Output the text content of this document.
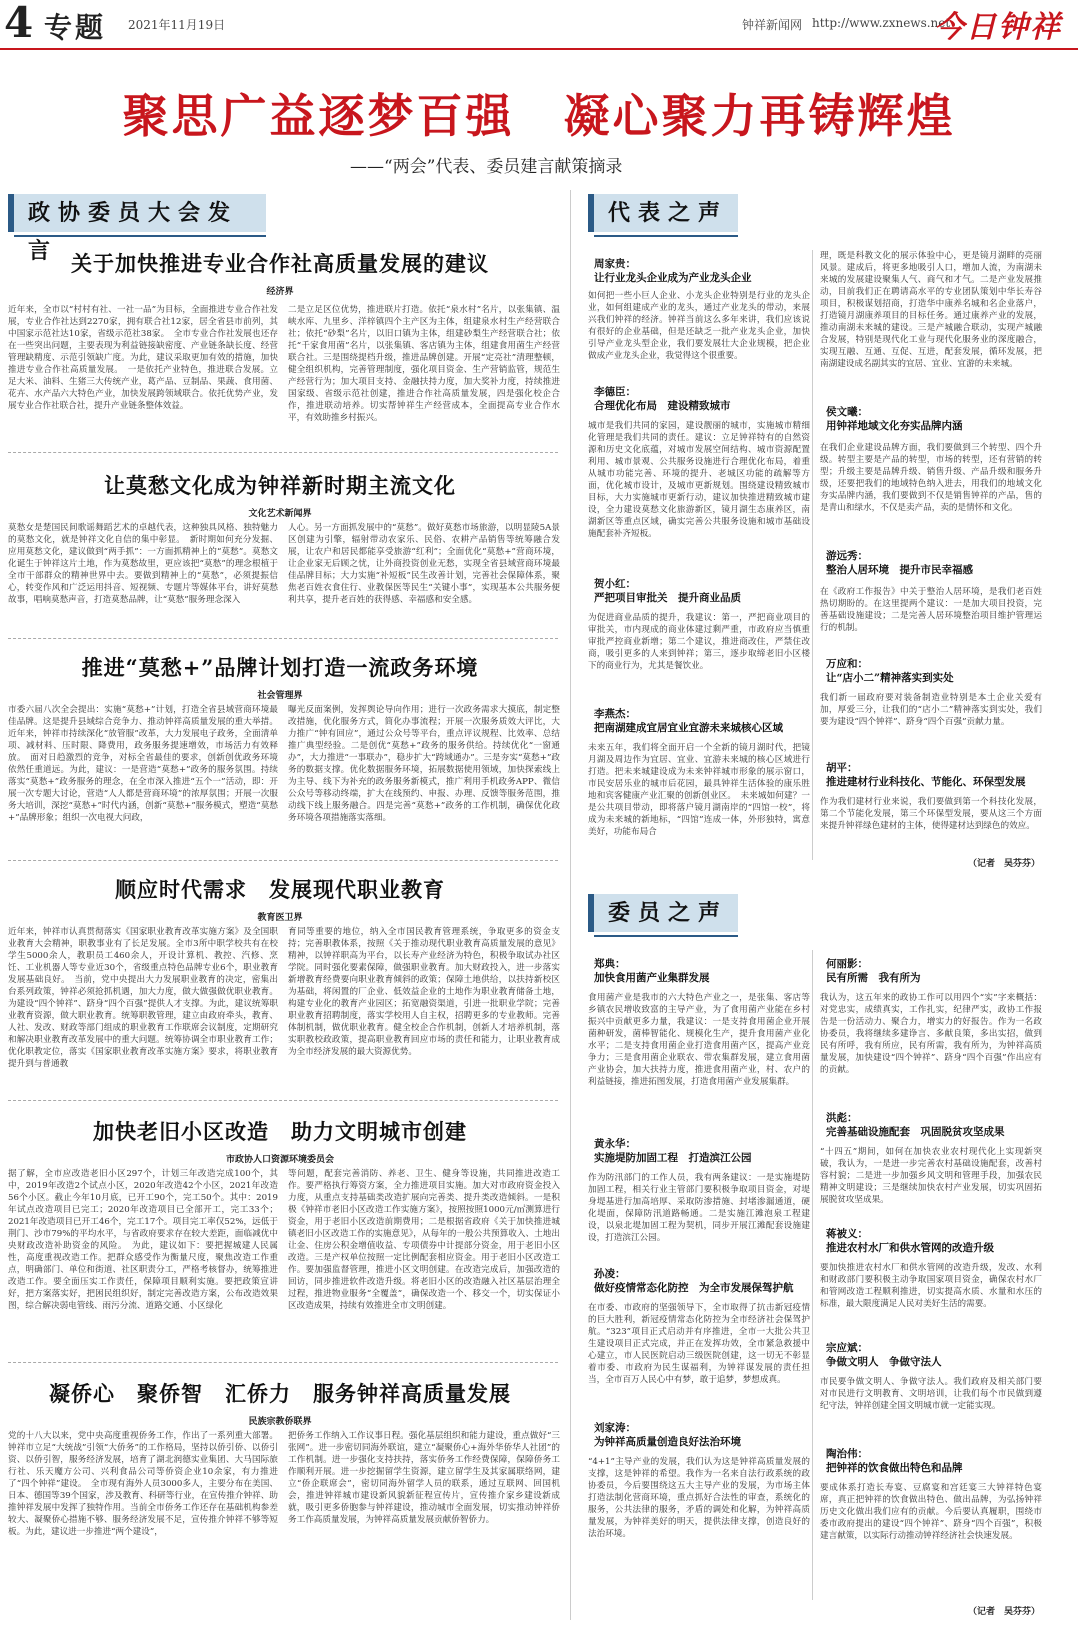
4 专题 2021年11月19日	钟祥新闻网 http://www.zxnews.net
今日钟祥
聚思广益逐梦百强　凝心聚力再铸辉煌
——“两会”代表、委员建言献策摘录
政协委员大会发言 关于加快推进专业合作社高质量发展的建议
经济界
近年来，全市以“村村有社、一社一品”为目标，全面推进专业合作社发展，专业合作社达到2270家，拥有联合社12家，居全省县市前列，其中国家示范社达10家，省级示范社38家。　全市专业合作社发展也还存在一些突出问题，主要表现为利益链接缺密度、产业链条缺长度、经营管理缺精度、示范引领缺广度。为此，建议采取更加有效的措施，加快推进专业合作社高质量发展。　一是依托产业特色，推进联合发展。立足大米、油料、生猪三大传统产业，葛产品、豆制品、果蔬、食用菌、花卉、水产品六大特色产业，加快发展跨领域联合。依托优势产业，发展专业合作社联合社，提升产业链条整体效益。
二是立足区位优势，推进联片打造。依托“泉水村”名片，以张集镇、温峡水库、九里乡、洋梓镇四个主产区为主体，组建泉水村生产经营联合社；依托“砂梨”名片，以旧口镇为主体，组建砂梨生产经营联合社；依托“千家食用菌”名片，以张集镇、客店镇为主体，组建食用菌生产经营联合社。三是围绕提档升级，推进品牌创建。开展“定亮社”清理整顿，健全组织机构，完善管理制度，强化项目资金、生产营销监管，规范生产经营行为；加大项目支持、金融扶持力度，加大奖补力度，持续推进国家级、省级示范社创建，推进合作社高质量发展，四是强化校企合作，推进联动培养。切实帮钟祥生产经营成本，全面提高专业合作水平，有效助推乡村振兴。
让莫愁文化成为钟祥新时期主流文化
文化艺术新闻界
莫愁女是楚国民间歌谣舞蹈艺术的卓越代表，这种独具风格、独特魅力的莫愁文化，就是钟祥文化自信的集中彰显。　新时期如何充分发掘、应用莫愁文化，建议做到“两手抓”：一方面抓精神上的“莫愁”。莫愁文化诞生于钟祥这片土地，作为莫愁故里，更应该把“莫愁”的理念根植于全市干部群众的精神世界中去。要做到精神上的“莫愁”，必须提振信心，转变作风和广泛运用抖音、短视频、专题片等媒体平台，讲好莫愁故事，唱响莫愁声音，打造莫愁品牌，让“莫愁”服务理念深入
人心。另一方面抓发展中的“莫愁”。做好莫愁市场旅游，以明显陵5A景区创建为引擎，辐射带动农家乐、民俗、农耕产品销售等统筹融合发展，让农户和居民都能享受旅游“红利”；全面优化“莫愁+”营商环境，让企业家无后顾之忧，让外商投资创业无愁，实现全省县域营商环境最佳品牌目标；大力实施“补短板”民生改善计划，完善社会保障体系，聚焦老百姓衣食住行、业教保医等民生“关键小事”，实现基本公共服务便利共享，提升老百姓的获得感、幸福感和安全感。
推进“莫愁+”品牌计划打造一流政务环境
社会管理界
市委六届八次全会提出：实施“莫愁+”计划，打造全省县域营商环境最佳品牌。这是提升县域综合竞争力、推动钟祥高质量发展的重大举措。近年来，钟祥市持续深化“放管服”改革，大力发展电子政务，全面清单项、减材料、压时限、降费用，政务服务提速增效，市场活力有效释放。　面对日趋激烈的竞争，对标全省最佳的要求，创新创优政务环境依然任重道远。为此，建议：一是营造“莫愁+”政务的服务氛围。持续落实“莫愁+”政务服务的理念，在全市深入推进“五个一”活动，即：开展一次专题大讨论，营造“人人都是营商环境”的浓厚氛围；开展一次服务大培训，深挖“莫愁+”时代内涵，创新“莫愁+”服务模式，塑造“莫愁+”品牌形象；组织一次电视大问政，
曝光反面案例，发挥舆论导向作用；进行一次政务需求大摸底，制定整改措施，优化服务方式，简化办事流程；开展一次服务质效大评比，大力推广“钟有回应”，通过公众号等平台，重点评议规程、比效率、总结推广典型经验。二是创优“莫愁+”政务的服务供给。持续优化“一窗通办”，大力推进“一事联办”，稳步扩大“跨域通办”。三是夯实“莫愁+”政务的数据支撑。优化数据服务环境，拓展数据使用领域，加快探索线上为主导、线下为补充的政务服务新模式，推广利用手机政务APP、微信公众号等移动终端，扩大在线预约、申报、办理、反馈等服务范围，推动线下线上服务融合。四是完善“莫愁+”政务的工作机制，确保优化政务环境各项措施落实落细。
顺应时代需求　发展现代职业教育
教育医卫界
近年来，钟祥市认真贯彻落实《国家职业教育改革实施方案》及全国职业教育大会精神，职教事业有了长足发展。全市3所中职学校共有在校学生5000余人，教职员工460余人，开设计算机、教控、汽修、烹饪、工业机器人等专业近30个，省级重点特色品牌专业6个，职业教育发展基础良好。　当前，党中央提出大力发展职业教育的决定，密集出台系列政策，钟祥必须抢抓机遇，加大力度，做大做强做优职业教育。为建设“四个钟祥”、跻身“四个百强”提供人才支撑。为此，建议统筹职业教育资源，做大职业教育。统筹职教管理，建立由政府牵头，教育、人社、发改、财政等部门组成的职业教育工作联席会议制度，定期研究和解决职业教育改革发展中的重大问题。统筹协调全市职业教育工作；优化职教定位，落实《国家职业教育改革实施方案》要求，将职业教育提升到与普通教
育同等重要的地位，纳入全市国民教育管理系统，争取更多的资金支持；完善职教体系，按照《关于推动现代职业教育高质量发展的意见》精神，以钟祥职高为平台，以长寿产业经济为特色，积极争取试办社区学院。同时强化要素保障，做强职业教育。加大财政投入，进一步落实新增教育经费要向职业教育倾斜的政策；保障土地供给，以扶持新校区为基础，将闲置的厂企业、低效益企业的土地作为职业教育储备土地，构建专业化的教育产业园区；拓宽融资渠道，引进一批职业学院；完善职业教育招聘制度，落实学校用人自主权，招聘更多的专业教师。完善体制机制，做优职业教育。健全校企合作机制，创新人才培养机制，落实职教校政政策，提高职业教育回应市场的责任和能力，让职业教育成为全市经济发展的最大资源优势。
加快老旧小区改造　助力文明城市创建
市政协人口资源环境委员会
据了解，全市应改造老旧小区297个，计划三年改造完成100个，其中，2019年改造2个试点小区，2020年改造42个小区，2021年改造56个小区。截止今年10月底，已开工90个，完工50个。其中：2019年试点改造项目已完工；2020年改造项目已全部开工，完工33个；2021年改造项目已开工46个，完工17个。项目完工率仅52%，远低于荆门、沙市79%的平均水平，与省政府要求存在较大差距，面临减优中央财政改造补助资金的风险。　为此，建议如下：要把握城建人民属性，高度重视改造工作。把群众感受作为衡量尺度，聚焦改造工作重点，明确部门、单位和街道、社区职责分工，严格考核督办，统筹推进改造工作。要全面压实工作责任，保障项目顺利实施。要把政策宣讲好，把方案落实好，把困民组织好，制定完善改造方案，公布改造效果图，综合解决弱电管线、雨污分流、道路交通、小区绿化
等问题，配套完善消防、养老、卫生、健身等设施，共同推进改造工作。要严格执行筹资方案，全力推进项目实施。加大对市政府资金投入力度，从重点支持基础类改造扩展向完善类、提升类改造倾斜。一是积极《钟祥市老旧小区改造工作实施方案》，按照按照1000元/㎡测算进行资金，用于老旧小区改造前期费用；二是根据省政府《关于加快推进城镇老旧小区改造工作的实施意见》，从每年的一般公共预算收入、土地出让金、住房公积金增值收益、专项债券中计提部分资金，用于老旧小区改造。三是产权单位按照一定比例配套相应资金。用于老旧小区改造工作。要加强监督管理，推进小区文明创建。在改造完成后，加强改造的回访，同步推进软件改造升级。将老旧小区的改造融入社区基层治理全过程，推进物业服务“全覆盖”，确保改造一个、移交一个，切实保证小区改造成果，持续有效推进全市文明创建。
凝侨心　聚侨智　汇侨力　服务钟祥高质量发展
民族宗教侨联界
党的十八大以来，党中央高度重视侨务工作，作出了一系列重大部署。钟祥市立足“大统战”引领“大侨务”的工作格局，坚持以侨引侨、以侨引资、以侨引智，服务经济发展，培育了湖北润德实业集团、大马国际旅行社、乐天魔方公司、兴利食品公司等侨资企业10余家，有力推进了“四个钟祥”建设。　全市现有海外人员3000多人，主要分布在美国、日本、德国等39个国家，涉及教育、科研等行业，在宣传推介钟祥、助推钟祥发展中发挥了独特作用。当前全市侨务工作还存在基础机构参差较大、凝聚侨心措施不够、服务经济发展不足，宣传推介钟祥不够等短板。为此，建议进一步推进“两个建设”，
把侨务工作纳入工作议事日程。强化基层组织和能力建设，重点做好“三张网”。进一步密切同海外联谊，建立“凝聚侨心+海外华侨华人社团”的工作机制。进一步强化支持扶持，落实侨务工作经费保障，保障侨务工作顺利开展。进一步挖掘留学生资源，建立留学生及其家属联络网，建立“侨企联席会”，密切同海外留学人员的联系，通过互联网、回国机会，推进钟祥城市建设新风貌新征程宣传片，宣传推介家乡建设新成就，吸引更多侨胞参与钟祥建设，推动城市全面发展，切实推动钟祥侨务工作高质量发展，为钟祥高质量发展贡献侨智侨力。
代表之声
周家贵：
让行业龙头企业成为产业龙头企业
如何把一些小巨人企业、小龙头企业特别是行业的龙头企业，如何组建成产业的龙头，通过产业龙头的带动，来展兴我们钟祥的经济。钟祥当前这么多年来讲，我们应该说有很好的企业基础，但是还缺乏一批产业龙头企业，加快引导产业龙头型企业，我们要发展壮大企业规模，把企业做成产业龙头企业，我觉得这个很重要。
李德臣：
合理优化布局　建设精致城市
城市是我们共同的家园，建设靓丽的城市，实施城市精细化管理是我们共同的责任。建议：立足钟祥特有的自然资源和历史文化底蕴，对城市发展空间结构、城市资源配置利用、城市景观、公共服务设施进行合理优化布局，着重从城市功能完善、环境的提升、老城区功能的疏解等方面，优化城市设计，及城市更新规划。围绕建设精致城市目标，大力实施城市更新行动，建议加快推进精致城市建设，全力建设莫愁文化旅游新区，镜月湖生态康养区，南湖新区等重点区域，确实完善公共服务设施和城市基础设施配套补齐短板。
贺小红：
严把项目审批关　提升商业品质
为促进商业品质的提升，我建议：第一，严把商业项目的审批关，市内现成的商业体建过剩严重，市政府应当慎重审批严控商业新增；第二个建议，推进商改住，严禁住改商，吸引更多的人来到钟祥；第三，逐步取缔老旧小区楼下的商业行为，尤其是餐饮业。
李燕杰：
把南湖建成宜居宜业宜游未来城核心区域
未来五年，我们将全面开启一个全新的镜月湖时代，把镜月湖及周边作为宜居、宜业、宜游未来城的核心区域进行打造。把未来城建设成为未来钟祥城市形象的展示窗口，市民安居乐业的城市后花园，最具钟祥生活体验的康乐胜地和宾客健康产业汇聚的创新创业区。　未来城如何建？一是公共项目带动，即将落户镜月湖南岸的“四馆一校”，将成为未来城的新地标，“四馆”连成一体，外形独特，寓意美好，功能布局合
理，既是科教文化的展示体验中心，更是镜月湖畔的亮丽风景。建成后，将更多地吸引人口，增加人流，为南湖未来城的发展建设聚集人气、商气和才气。二是产业发展推动，目前我们正在聘请高水平的专业团队策划中华长寿谷项目，积极谋划招商，打造华中康养名城和名企业落户，打造镜月湖康养项目的目标任务。通过康养产业的发展，推动南湖未来城的建设。三是产城融合联动，实现产城融合发展，特别是现代化工业与现代化服务业的深度融合，实现互融、互通、互促、互进，配套发展，循环发展，把南湖建设成名副其实的宜居、宜业、宜游的未来城。
侯文曦：
用钟祥地域文化夯实品牌内涵
在我们企业建设品牌方面，我们要做到三个转型、四个升级。转型主要是产品的转型，市场的转型，还有营销的转型；升级主要是品牌升级、销售升级、产品升级和服务升级，还要把我们的地域特色纳入进去，用我们的地域文化夯实品牌内涵，我们要做到不仅是销售钟祥的产品，售的是青山和绿水，不仅是卖产品，卖的是情怀和文化。
游远秀：
整治人居环境　提升市民幸福感
在《政府工作报告》中关于整治人居环境，是我们老百姓热切期盼的。在这里提两个建议：一是加大项目投资，完善基础设施建设；二是完善人居环境整治项目维护管理运行的机制。
万应和：
让“店小二”精神落实到实处
我们新一届政府要对装备制造业特别是本土企业关爱有加，厚爱三分，让我们的“店小二”精神落实到实处，我们要为建设“四个钟祥”、跻身“四个百强”贡献力量。
胡平：
推进建材行业科技化、节能化、环保型发展
作为我们建材行业来说，我们要做到第一个科技化发展，第二个节能化发展，第三个环保型发展，要从这三个方面来提升钟祥绿色建材的主体，使得建材达到绿色的效应。
（记者　吴芬芬）
委员之声
郑典：
加快食用菌产业集群发展
食用菌产业是我市的六大特色产业之一，是张集、客店等乡镇农民增收致富的主导产业，为了食用菌产业能在乡村振兴中贡献更多力量，我建议：一是支持食用菌企业开展菌种研发，菌棒智能化、规模化生产，提升食用菌产业化水平；二是支持食用菌企业打造食用菌产区，提高产业竞争力；三是食用菌企业联农、带农集群发展，建立食用菌产业协会，加大扶持力度，推进食用菌产业，村、农户的利益链接，推进拓图发展，打造食用菌产业发展集群。
黄永华：
实施堤防加固工程　打造滨江公园
作为防汛部门的工作人员，我有两条建议：一是实施堤防加固工程，相关行业主管部门要积极争取项目资金，对堤身堤基进行加高培厚、采取防渗措施、封堵渗漏通道，硬化堤面，保障防汛道路畅通。二是实施江滩泡泉工程建设，以泉北堤加固工程为契机，同步开展江滩配套设施建设，打造滨江公园。
孙凌：
做好疫情常态化防控　为全市发展保驾护航
在市委、市政府的坚强领导下，全市取得了抗击新冠疫情的巨大胜利，新冠疫情常态化防控为全市经济社会保驾护航。“323”项目正式启动并有序推进，全市一大批公共卫生建设项目正式完成，并正在发挥功效，全市紧急救援中心建立，市人民医院启动三级医院创建，这一切无不彰显着市委、市政府为民生谋福利，为钟祥谋发展的责任担当，全市百万人民心中有梦，敢于追梦，梦想成真。
刘家涛：
为钟祥高质量创造良好法治环境
“4+1”主导产业的发展，我们认为这是钟祥高质量发展的支撑，这是钟祥的希望。我作为一名来自法行政系统的政协委员，今后要围绕这五大主导产业的发展，为市场主体打造法制化营商环境，重点抓好合法性的审查，系统化的服务，公共法律的服务，矛盾的调处和化解，为钟祥高质量发展，为钟祥美好的明天，提供法律支撑，创造良好的法治环境。
何丽影：
民有所需　我有所为
我认为，这五年来的政协工作可以用四个“实”字来概括：对党忠实，成绩真实，工作扎实，纪律严实，政协工作报告是一份活动力、聚合力，增实力的好报告。作为一名政协委员，我将继续多建诤言、多献良策，多出实招，做到民有所呼，我有所应，民有所需，我有所为，为钟祥高质量发展，加快建设“四个钟祥”、跻身“四个百强”作出应有的贡献。
洪彪：
完善基础设施配套　巩固脱贫攻坚成果
“十四五”期间，如何在加快农业农村现代化上实现新突破，我认为，一是进一步完善农村基础设施配套，改善村容村貌；二是进一步加强乡风文明和管理手段，加强农民精神文明建设；三是继续加快农村产业发展，切实巩固拓展脱贫攻坚成果。
蒋被义：
推进农村水厂和供水管网的改造升级
要加快推进农村水厂和供水管网的改造升级，发改、水利和财政部门要积极主动争取国家项目资金，确保农村水厂和管网改造工程顺利推进，切实提高水质、水量和水压的标准，最大限度满足人民对美好生活的需要。
宗应斌：
争做文明人　争做守法人
市民要争做文明人、争做守法人。我们政府及相关部门要对市民进行文明教育、文明培训，让我们每个市民做到遵纪守法，钟祥创建全国文明城市就一定能实现。
陶治伟：
把钟祥的饮食做出特色和品牌
要成体系打造长寿宴、豆腐宴和宫廷宴三大钟祥特色宴席，真正把钟祥的饮食做出特色、做出品牌，为弘扬钟祥历史文化做出我们应有的贡献。今后要认真履职，围绕市委市政府提出的建设“四个钟祥”、跻身“四个百强”，积极建言献策，以实际行动推动钟祥经济社会快速发展。
（记者　吴芬芬）
